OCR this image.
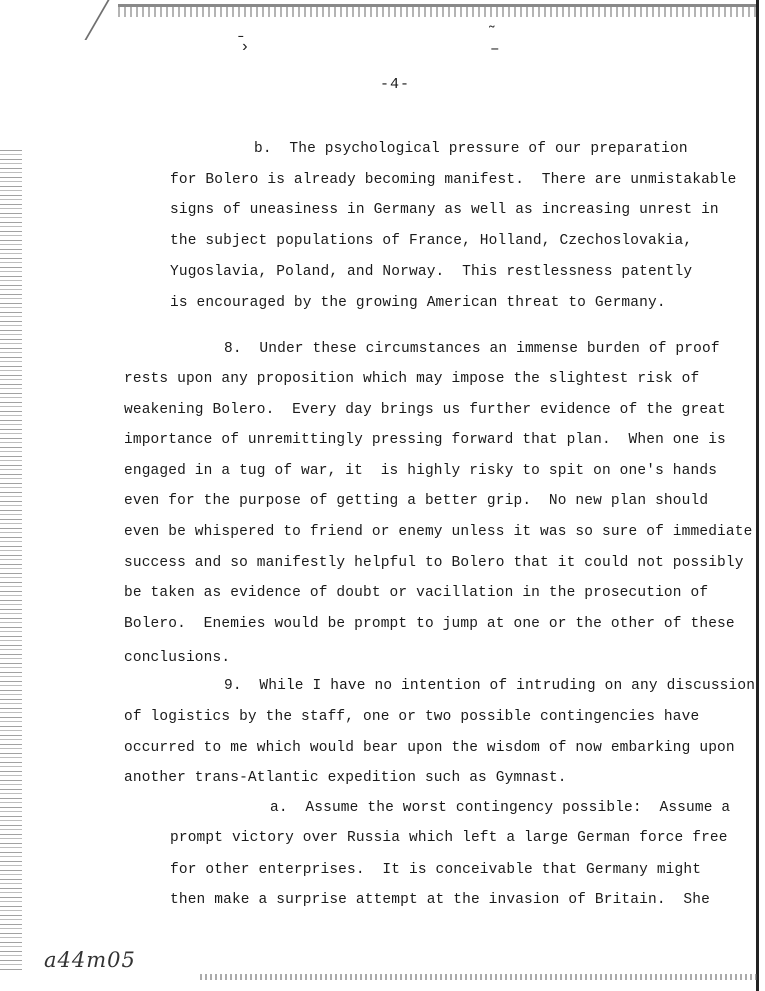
˗
›
˜
–
-4-
b.  The psychological pressure of our preparation
for Bolero is already becoming manifest.  There are unmistakable
signs of uneasiness in Germany as well as increasing unrest in
the subject populations of France, Holland, Czechoslovakia,
Yugoslavia, Poland, and Norway.  This restlessness patently
is encouraged by the growing American threat to Germany.
8.  Under these circumstances an immense burden of proof
rests upon any proposition which may impose the slightest risk of
weakening Bolero.  Every day brings us further evidence of the great
importance of unremittingly pressing forward that plan.  When one is
engaged in a tug of war, it  is highly risky to spit on one's hands
even for the purpose of getting a better grip.  No new plan should
even be whispered to friend or enemy unless it was so sure of immediate
success and so manifestly helpful to Bolero that it could not possibly
be taken as evidence of doubt or vacillation in the prosecution of
Bolero.  Enemies would be prompt to jump at one or the other of these
conclusions.
9.  While I have no intention of intruding on any discussion
of logistics by the staff, one or two possible contingencies have
occurred to me which would bear upon the wisdom of now embarking upon
another trans-Atlantic expedition such as Gymnast.
a.  Assume the worst contingency possible:  Assume a
prompt victory over Russia which left a large German force free
for other enterprises.  It is conceivable that Germany might
then make a surprise attempt at the invasion of Britain.  She
a44m05
